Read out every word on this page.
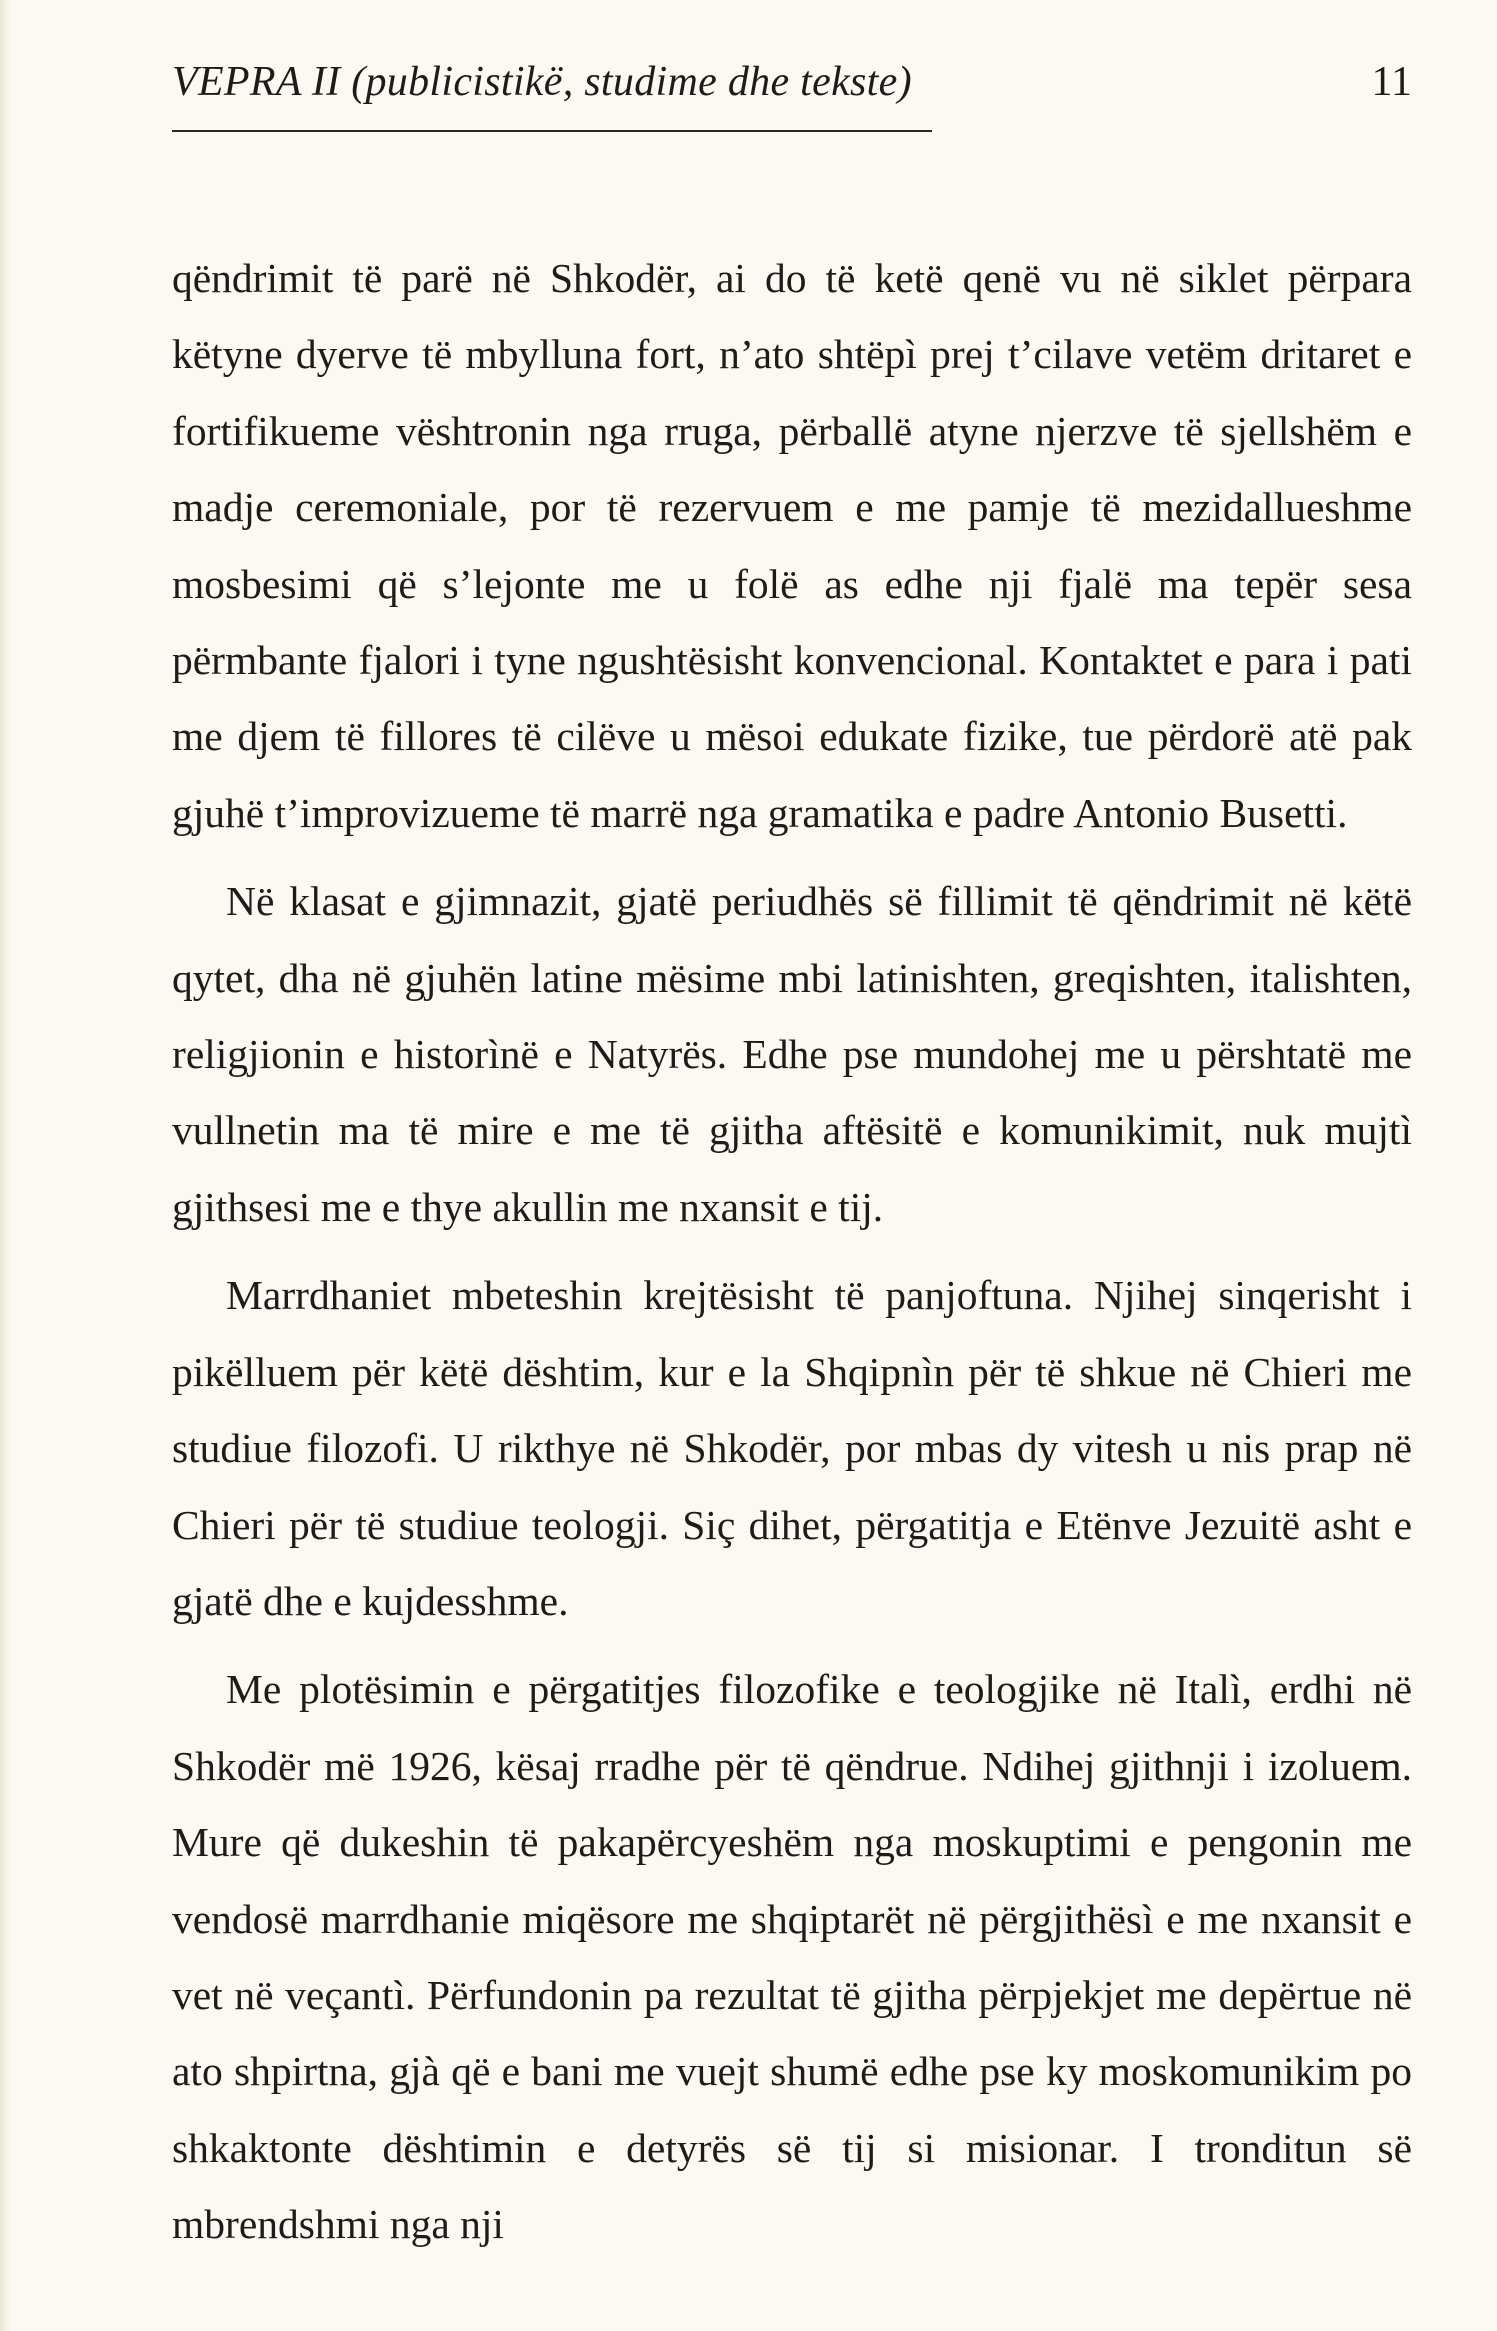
VEPRA II (publicistikë, studime dhe tekste)	11

qëndrimit të parë në Shkodër, ai do të ketë qenë vu në siklet përpara këtyne dyerve të mbylluna fort, n’ato shtëpì prej t’cilave vetëm dritaret e fortifikueme vështronin nga rruga, përballë atyne njerzve të sjellshëm e madje ceremoniale, por të rezervuem e me pamje të mezidallueshme mosbesimi që s’lejonte me u folë as edhe nji fjalë ma tepër sesa përmbante fjalori i tyne ngushtësisht konvencional. Kontaktet e para i pati me djem të fillores të cilëve u mësoi edukate fizike, tue përdorë atë pak gjuhë t’improvizueme të marrë nga gramatika e padre Antonio Busetti.

Në klasat e gjimnazit, gjatë periudhës së fillimit të qëndrimit në këtë qytet, dha në gjuhën latine mësime mbi latinishten, greqishten, italishten, religjionin e historìnë e Natyrës. Edhe pse mundohej me u përshtatë me vullnetin ma të mire e me të gjitha aftësitë e komunikimit, nuk mujtì gjithsesi me e thye akullin me nxansit e tij.

Marrdhaniet mbeteshin krejtësisht të panjoftuna. Njihej sinqerisht i pikëlluem për këtë dështim, kur e la Shqipnìn për të shkue në Chieri me studiue filozofi. U rikthye në Shkodër, por mbas dy vitesh u nis prap në Chieri për të studiue teologji. Siç dihet, përgatitja e Etënve Jezuitë asht e gjatë dhe e kujdesshme.

Me plotësimin e përgatitjes filozofike e teologjike në Italì, erdhi në Shkodër më 1926, kësaj rradhe për të qëndrue. Ndihej gjithnji i izoluem. Mure që dukeshin të pakapërcyeshëm nga moskuptimi e pengonin me vendosë marrdhanie miqësore me shqiptarët në përgjithësì e me nxansit e vet në veçantì. Përfundonin pa rezultat të gjitha përpjekjet me depërtue në ato shpirtna, gjà që e bani me vuejt shumë edhe pse ky moskomunikim po shkaktonte dështimin e detyrës së tij si misionar. I tronditun së mbrendshmi nga nji
